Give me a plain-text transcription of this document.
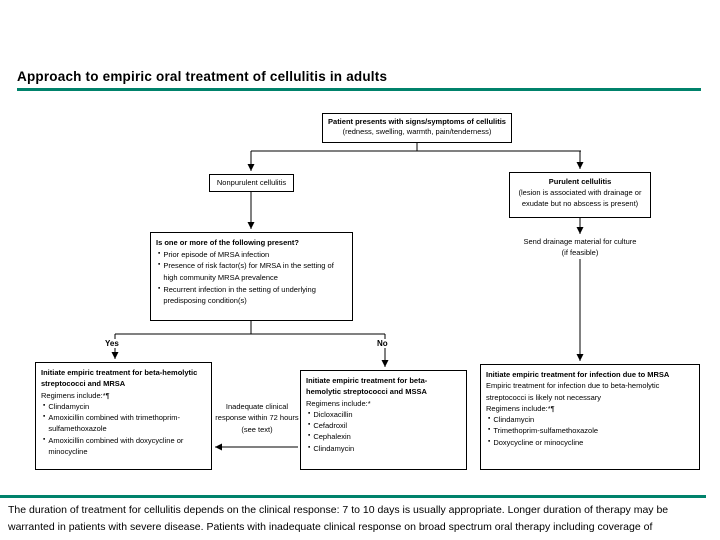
Approach to empiric oral treatment of cellulitis in adults
Patient presents with signs/symptoms of cellulitis
(redness, swelling, warmth, pain/tenderness)
Nonpurulent cellulitis	Purulent cellulitis
(lesion is associated with drainage or exudate but no abscess is present)
Is one or more of the following present?
▪ Prior episode of MRSA infection
▪ Presence of risk factor(s) for MRSA in the setting of high community MRSA prevalence
▪ Recurrent infection in the setting of underlying predisposing condition(s)
Send drainage material for culture
(if feasible)
Yes	No
Initiate empiric treatment for beta-hemolytic streptococci and MRSA
Regimens include:*¶
▪ Clindamycin
▪ Amoxicillin combined with trimethoprim-sulfamethoxazole
▪ Amoxicillin combined with doxycycline or minocycline
Inadequate clinical response within 72 hours (see text)
Initiate empiric treatment for beta-hemolytic streptococci and MSSA
Regimens include:*
▪ Dicloxacillin
▪ Cefadroxil
▪ Cephalexin
▪ Clindamycin
Initiate empiric treatment for infection due to MRSA
Empiric treatment for infection due to beta-hemolytic streptococci is likely not necessary
Regimens include:*¶
▪ Clindamycin
▪ Trimethoprim-sulfamethoxazole
▪ Doxycycline or minocycline
The duration of treatment for cellulitis depends on the clinical response: 7 to 10 days is usually appropriate. Longer duration of therapy may be warranted in patients with severe disease. Patients with inadequate clinical response on broad spectrum oral therapy including coverage of
